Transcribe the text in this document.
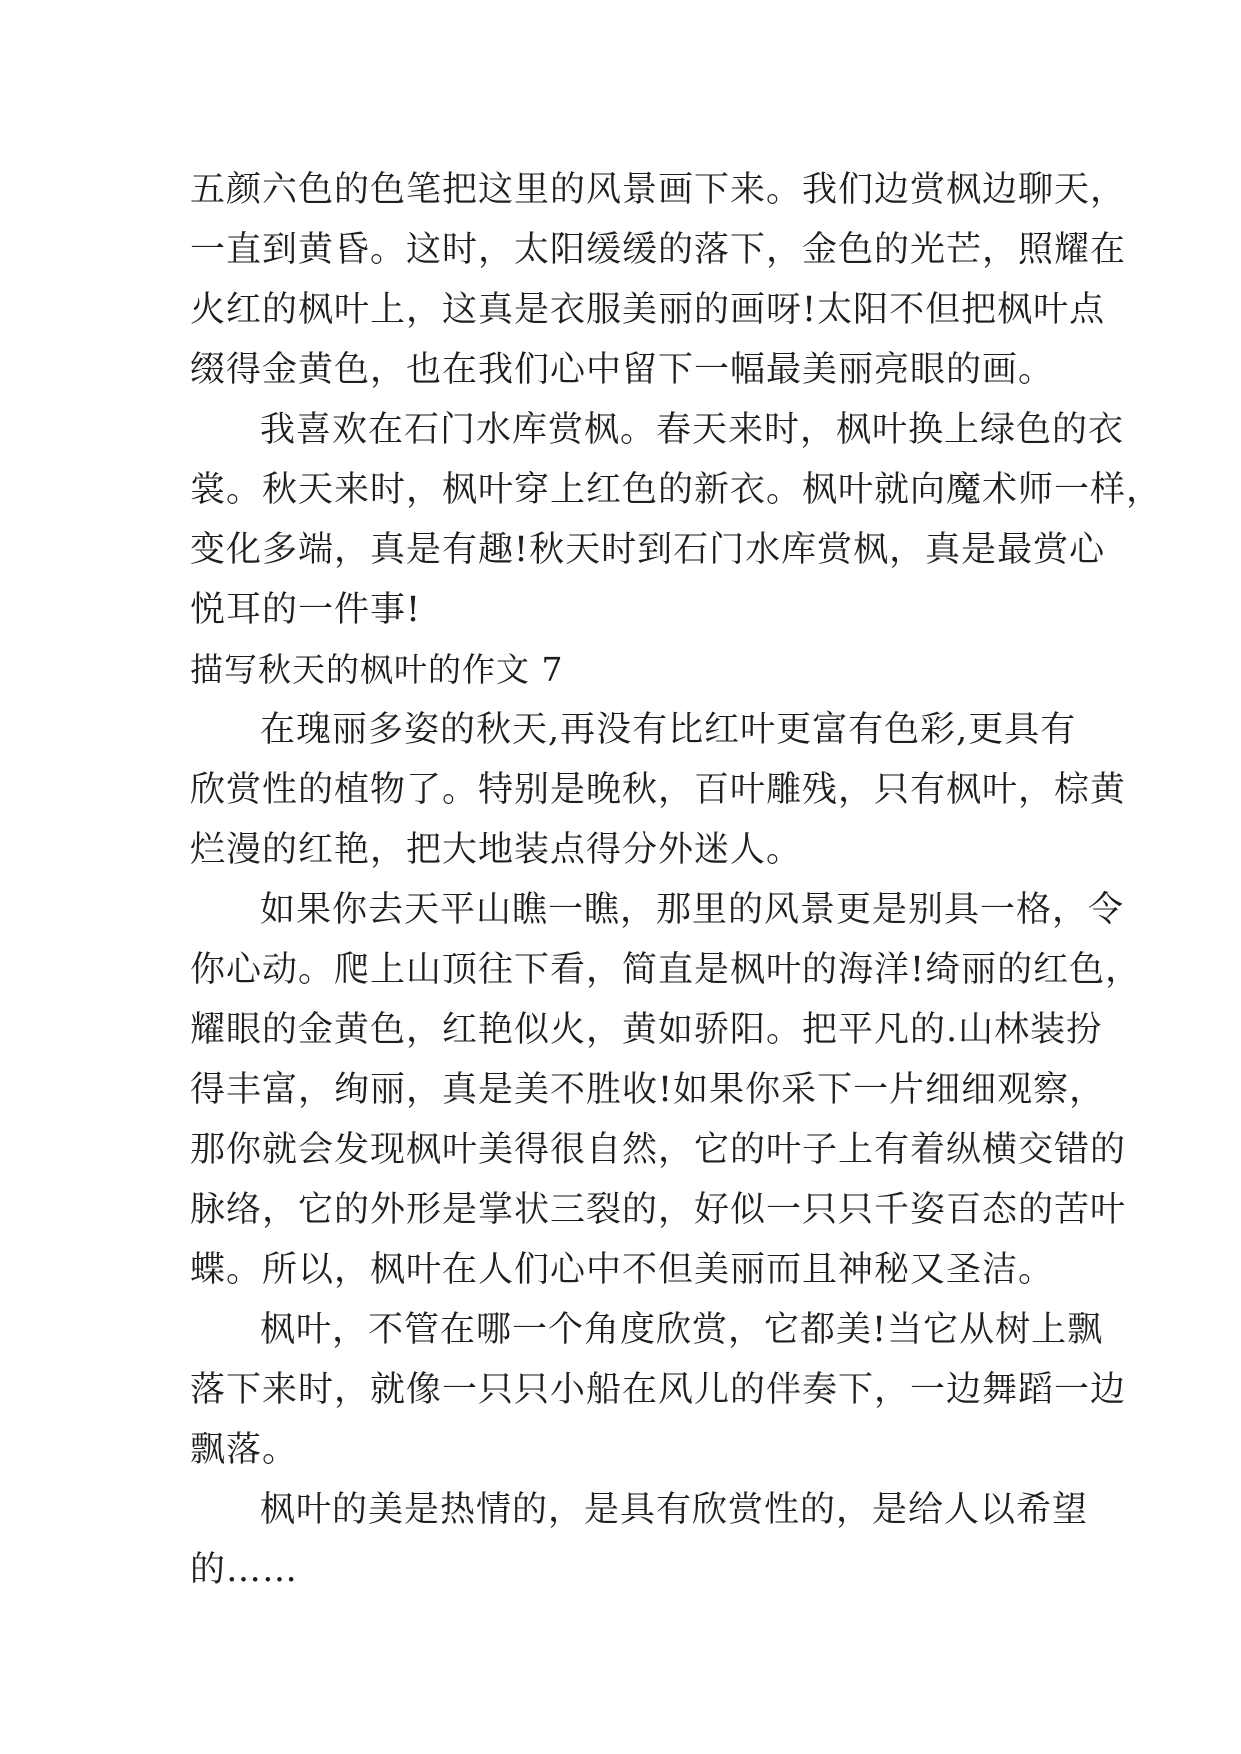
五颜六色的色笔把这里的风景画下来。我们边赏枫边聊天，
一直到黄昏。这时，太阳缓缓的落下，金色的光芒，照耀在
火红的枫叶上，这真是衣服美丽的画呀!太阳不但把枫叶点
缀得金黄色，也在我们心中留下一幅最美丽亮眼的画。
我喜欢在石门水库赏枫。春天来时，枫叶换上绿色的衣
裳。秋天来时，枫叶穿上红色的新衣。枫叶就向魔术师一样，
变化多端，真是有趣!秋天时到石门水库赏枫，真是最赏心
悦耳的一件事!
描写秋天的枫叶的作文 7
在瑰丽多姿的秋天,再没有比红叶更富有色彩,更具有
欣赏性的植物了。特别是晚秋，百叶雕残，只有枫叶，棕黄
烂漫的红艳，把大地装点得分外迷人。
如果你去天平山瞧一瞧，那里的风景更是别具一格，令
你心动。爬上山顶往下看，简直是枫叶的海洋!绮丽的红色，
耀眼的金黄色，红艳似火，黄如骄阳。把平凡的.山林装扮
得丰富，绚丽，真是美不胜收!如果你采下一片细细观察，
那你就会发现枫叶美得很自然，它的叶子上有着纵横交错的
脉络，它的外形是掌状三裂的，好似一只只千姿百态的苦叶
蝶。所以，枫叶在人们心中不但美丽而且神秘又圣洁。
枫叶，不管在哪一个角度欣赏，它都美!当它从树上飘
落下来时，就像一只只小船在风儿的伴奏下，一边舞蹈一边
飘落。
枫叶的美是热情的，是具有欣赏性的，是给人以希望
的……
